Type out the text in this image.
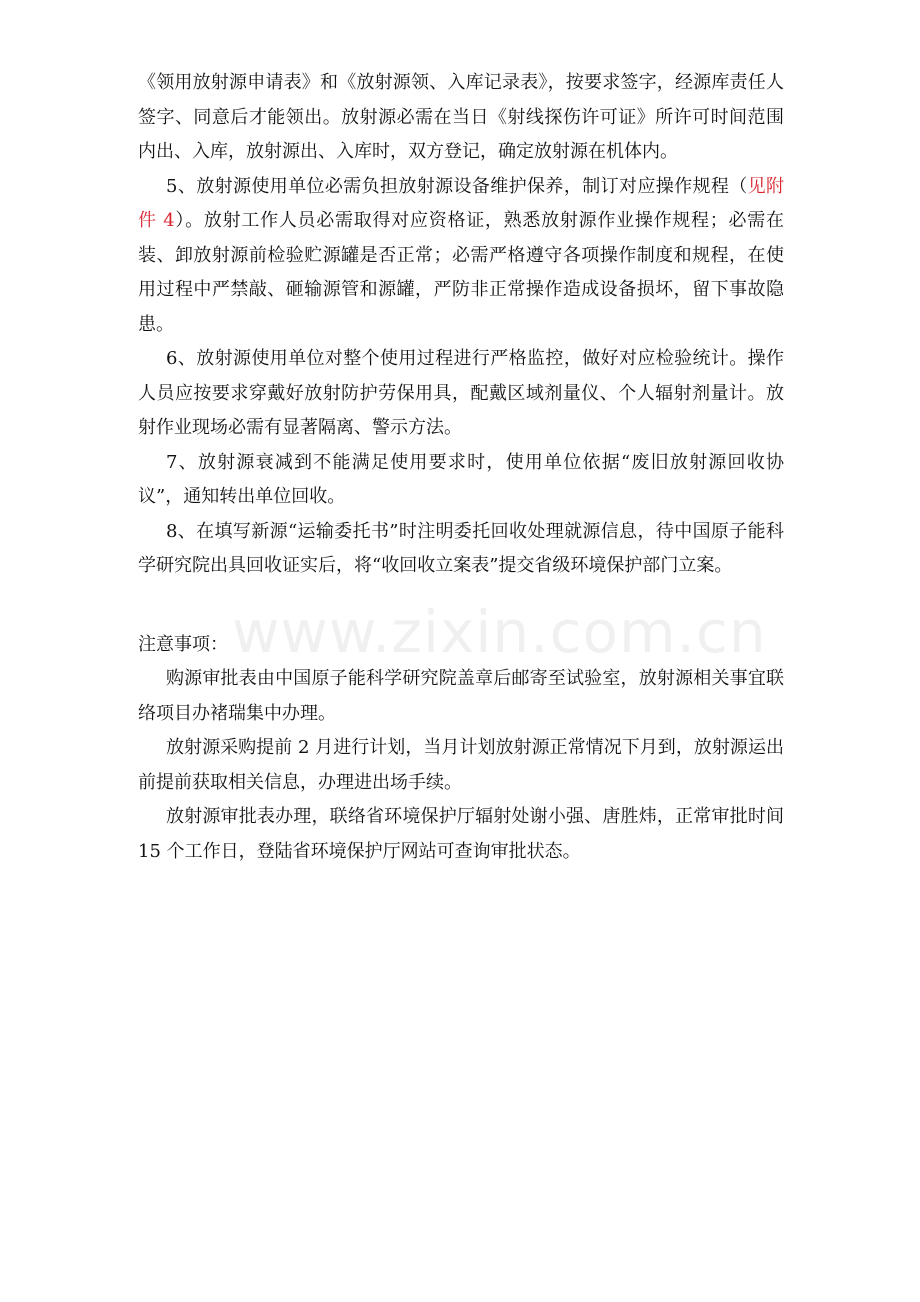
www.zixin.com.cn

《领用放射源申请表》和《放射源领、入库记录表》，按要求签字，经源库责任人签字、同意后才能领出。放射源必需在当日《射线探伤许可证》所许可时间范围内出、入库，放射源出、入库时，双方登记，确定放射源在机体内。

5、放射源使用单位必需负担放射源设备维护保养，制订对应操作规程（见附件 4）。放射工作人员必需取得对应资格证，熟悉放射源作业操作规程；必需在装、卸放射源前检验贮源罐是否正常；必需严格遵守各项操作制度和规程，在使用过程中严禁敲、砸输源管和源罐，严防非正常操作造成设备损坏，留下事故隐患。

6、放射源使用单位对整个使用过程进行严格监控，做好对应检验统计。操作人员应按要求穿戴好放射防护劳保用具，配戴区域剂量仪、个人辐射剂量计。放射作业现场必需有显著隔离、警示方法。

7、放射源衰减到不能满足使用要求时，使用单位依据“废旧放射源回收协议”，通知转出单位回收。

8、在填写新源“运输委托书”时注明委托回收处理就源信息，待中国原子能科学研究院出具回收证实后，将“收回收立案表”提交省级环境保护部门立案。

注意事项：

购源审批表由中国原子能科学研究院盖章后邮寄至试验室，放射源相关事宜联络项目办褚瑞集中办理。

放射源采购提前 2 月进行计划，当月计划放射源正常情况下月到，放射源运出前提前获取相关信息，办理进出场手续。

放射源审批表办理，联络省环境保护厅辐射处谢小强、唐胜炜，正常审批时间 15 个工作日，登陆省环境保护厅网站可查询审批状态。
